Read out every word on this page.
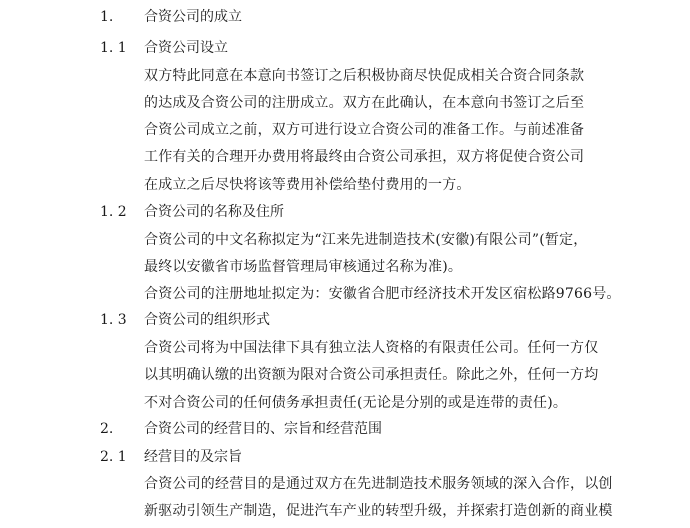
1. 合资公司的成立
1. 1 合资公司设立
双方特此同意在本意向书签订之后积极协商尽快促成相关合资合同条款
的达成及合资公司的注册成立。双方在此确认，在本意向书签订之后至
合资公司成立之前，双方可进行设立合资公司的准备工作。与前述准备
工作有关的合理开办费用将最终由合资公司承担，双方将促使合资公司
在成立之后尽快将该等费用补偿给垫付费用的一方。
1. 2 合资公司的名称及住所
合资公司的中文名称拟定为“江来先进制造技术(安徽)有限公司”(暂定，
最终以安徽省市场监督管理局审核通过名称为准)。
合资公司的注册地址拟定为：安徽省合肥市经济技术开发区宿松路9766号。
1. 3 合资公司的组织形式
合资公司将为中国法律下具有独立法人资格的有限责任公司。任何一方仅
以其明确认缴的出资额为限对合资公司承担责任。除此之外，任何一方均
不对合资公司的任何债务承担责任(无论是分别的或是连带的责任)。
2. 合资公司的经营目的、宗旨和经营范围
2. 1 经营目的及宗旨
合资公司的经营目的是通过双方在先进制造技术服务领域的深入合作，以创
新驱动引领生产制造，促进汽车产业的转型升级，并探索打造创新的商业模
